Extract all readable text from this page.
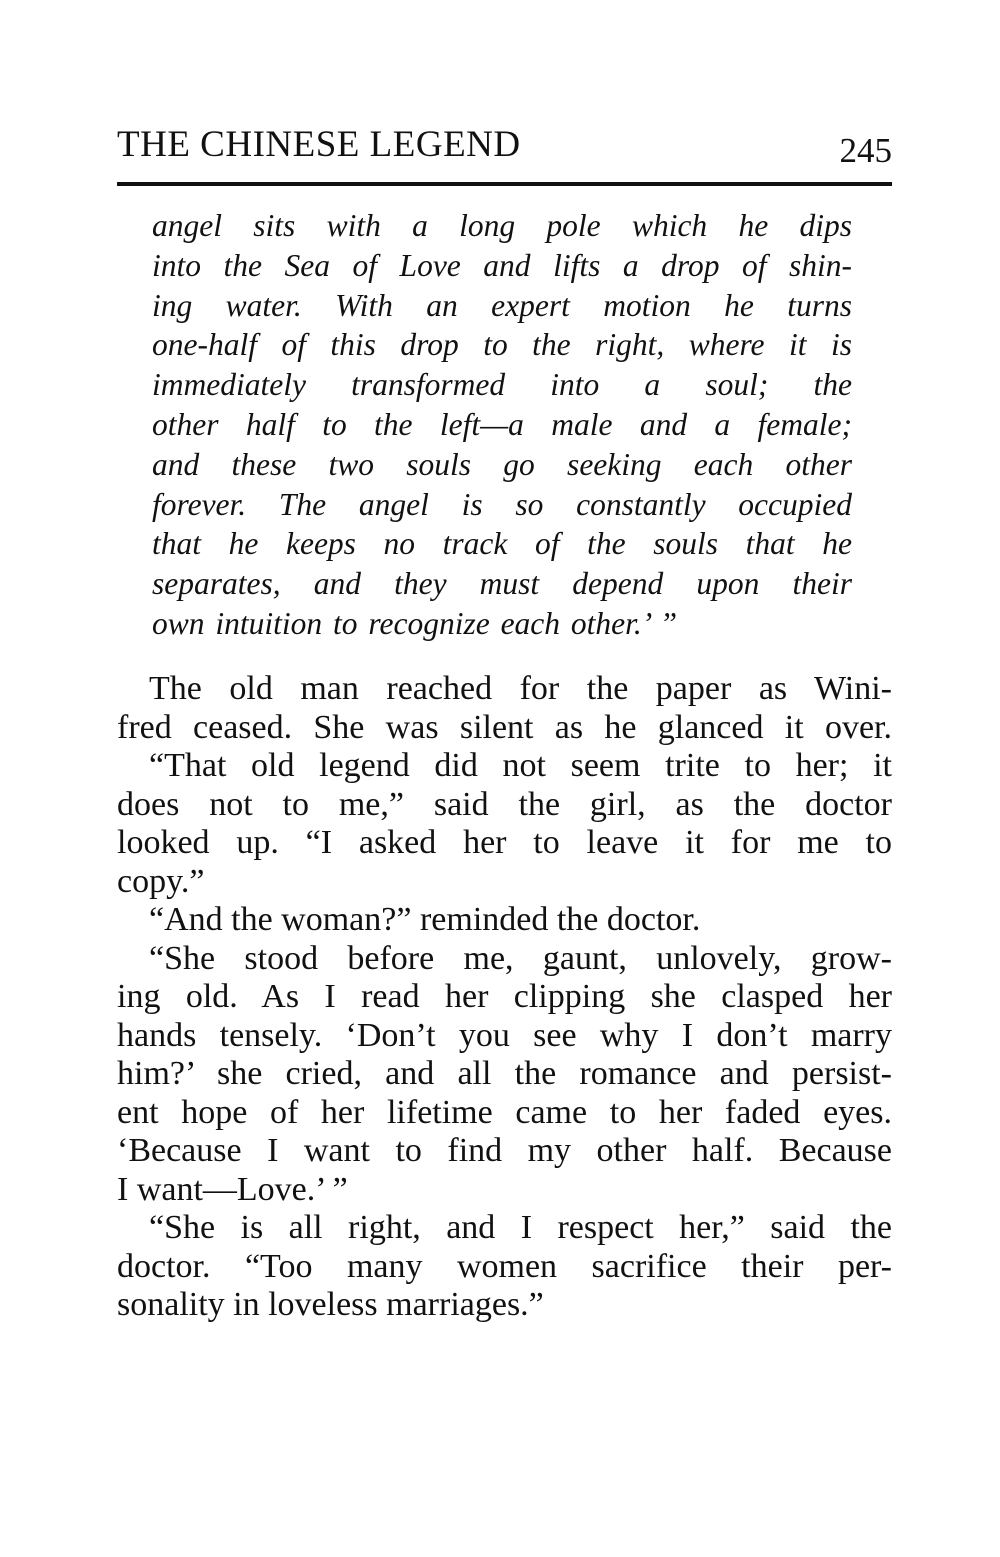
THE CHINESE LEGEND	245
angel sits with a long pole which he dips
into the Sea of Love and lifts a drop of shin-
ing water. With an expert motion he turns
one-half of this drop to the right, where it is
immediately transformed into a soul; the
other half to the left—a male and a female;
and these two souls go seeking each other
forever. The angel is so constantly occupied
that he keeps no track of the souls that he
separates, and they must depend upon their
own intuition to recognize each other.’ ”
The old man reached for the paper as Wini-
fred ceased. She was silent as he glanced it over.
“That old legend did not seem trite to her; it
does not to me,” said the girl, as the doctor
looked up. “I asked her to leave it for me to
copy.”
“And the woman?” reminded the doctor.
“She stood before me, gaunt, unlovely, grow-
ing old. As I read her clipping she clasped her
hands tensely. ‘Don’t you see why I don’t marry
him?’ she cried, and all the romance and persist-
ent hope of her lifetime came to her faded eyes.
‘Because I want to find my other half. Because
I want—Love.’ ”
“She is all right, and I respect her,” said the
doctor. “Too many women sacrifice their per-
sonality in loveless marriages.”
